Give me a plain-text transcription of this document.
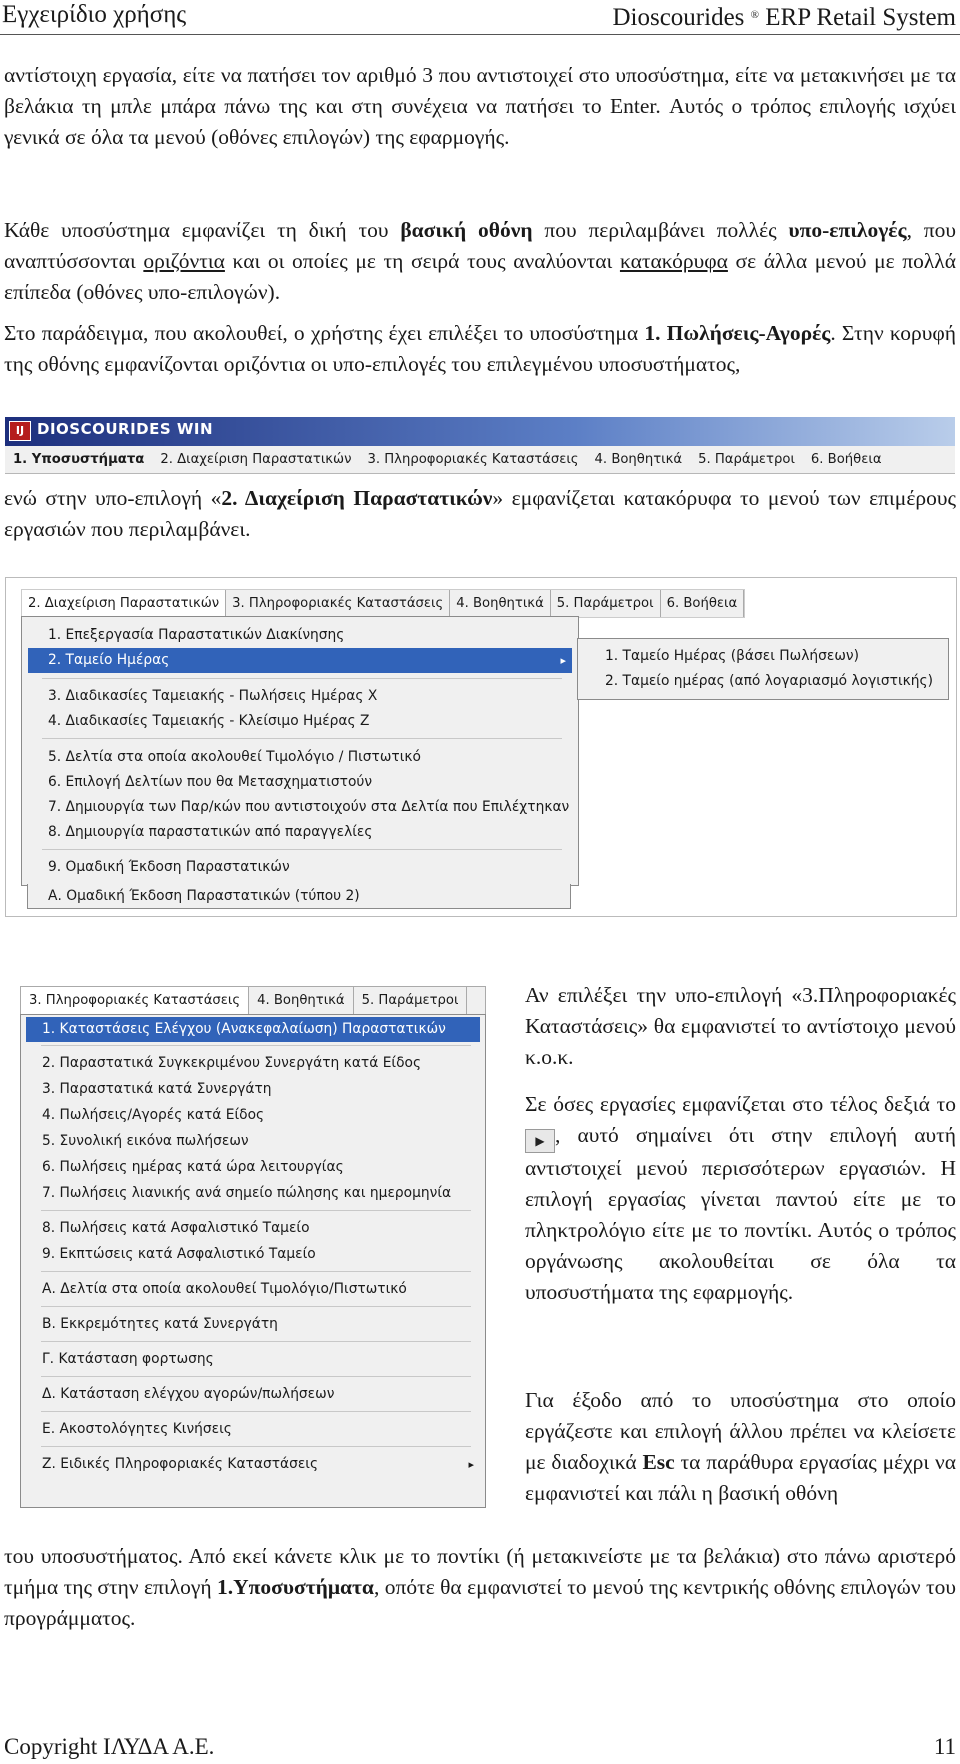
Εγχειρίδιο χρήσης	Dioscourides ® ERP Retail System

αντίστοιχη εργασία, είτε να πατήσει τον αριθμό 3 που αντιστοιχεί στο υποσύστημα, είτε να μετακινήσει με τα βελάκια τη μπλε μπάρα πάνω της και στη συνέχεια να πατήσει το Enter. Αυτός ο τρόπος επιλογής ισχύει γενικά σε όλα τα μενού (οθόνες επιλογών) της εφαρμογής.

Κάθε υποσύστημα εμφανίζει τη δική του βασική οθόνη που περιλαμβάνει πολλές υπο-επιλογές, που αναπτύσσονται οριζόντια και οι οποίες με τη σειρά τους αναλύονται κατακόρυφα σε άλλα μενού με πολλά επίπεδα (οθόνες υπο-επιλογών).

Στο παράδειγμα, που ακολουθεί, ο χρήστης έχει επιλέξει το υποσύστημα 1. Πωλήσεις-Αγορές. Στην κορυφή της οθόνης εμφανίζονται οριζόντια οι υπο-επιλογές του επιλεγμένου υποσυστήματος,

IJ DIOSCOURIDES WIN
1. Υποσυστήματα	2. Διαχείριση Παραστατικών	3. Πληροφοριακές Καταστάσεις	4. Βοηθητικά	5. Παράμετροι	6. Βοήθεια

ενώ στην υπο-επιλογή «2. Διαχείριση Παραστατικών» εμφανίζεται κατακόρυφα το μενού των επιμέρους εργασιών που περιλαμβάνει.

2. Διαχείριση Παραστατικών 3. Πληροφοριακές Καταστάσεις 4. Βοηθητικά 5. Παράμετροι 6. Βοήθεια
1. Επεξεργασία Παραστατικών Διακίνησης
2. Ταμείο Ημέρας	▸
3. Διαδικασίες Ταμειακής - Πωλήσεις Ημέρας Χ
4. Διαδικασίες Ταμειακής - Κλείσιμο Ημέρας Ζ
5. Δελτία στα οποία ακολουθεί Τιμολόγιο / Πιστωτικό
6. Επιλογή Δελτίων που θα Μετασχηματιστούν
7. Δημιουργία των Παρ/κών που αντιστοιχούν στα Δελτία που Επιλέχτηκαν
8. Δημιουργία παραστατικών από παραγγελίες
9. Ομαδική Έκδοση Παραστατικών
Α. Ομαδική Έκδοση Παραστατικών (τύπου 2)
1. Ταμείο Ημέρας (βάσει Πωλήσεων)
2. Ταμείο ημέρας (από λογαριασμό λογιστικής)
3. Πληροφοριακές Καταστάσεις	4. Βοηθητικά	5. Παράμετροι
1. Καταστάσεις Ελέγχου (Ανακεφαλαίωση) Παραστατικών
2. Παραστατικά Συγκεκριμένου Συνεργάτη κατά Είδος
3. Παραστατικά κατά Συνεργάτη
4. Πωλήσεις/Αγορές κατά Είδος
5. Συνολική εικόνα πωλήσεων
6. Πωλήσεις ημέρας κατά ώρα λειτουργίας
7. Πωλήσεις λιανικής ανά σημείο πώλησης και ημερομηνία
8. Πωλήσεις κατά Ασφαλιστικό Ταμείο
9. Εκπτώσεις κατά Ασφαλιστικό Ταμείο
Α. Δελτία στα οποία ακολουθεί Τιμολόγιο/Πιστωτικό
Β. Εκκρεμότητες κατά Συνεργάτη
Γ. Κατάσταση φορτωσης
Δ. Κατάσταση ελέγχου αγορών/πωλήσεων
Ε. Ακοστολόγητες Κινήσεις
Ζ. Ειδικές Πληροφοριακές Καταστάσεις	▸

Αν επιλέξει την υπο-επιλογή «3.Πληροφοριακές Καταστάσεις» θα εμφανιστεί το αντίστοιχο μενού κ.ο.κ.

Σε όσες εργασίες εμφανίζεται στο τέλος δεξιά το ▶ , αυτό σημαίνει ότι στην επιλογή αυτή αντιστοιχεί μενού περισσότερων εργασιών. Η επιλογή εργασίας γίνεται παντού είτε με το πληκτρολόγιο είτε με το ποντίκι. Αυτός ο τρόπος οργάνωσης ακολουθείται σε όλα τα υποσυστήματα της εφαρμογής.

Για έξοδο από το υποσύστημα στο οποίο εργάζεστε και επιλογή άλλου πρέπει να κλείσετε με διαδοχικά Esc τα παράθυρα εργασίας μέχρι να εμφανιστεί και πάλι η βασική οθόνη

του υποσυστήματος. Από εκεί κάνετε κλικ με το ποντίκι (ή μετακινείστε με τα βελάκια) στο πάνω αριστερό τμήμα της στην επιλογή 1.Υποσυστήματα, οπότε θα εμφανιστεί το μενού της κεντρικής οθόνης επιλογών του προγράμματος.

Copyright ΙΛΥΔΑ Α.Ε.	11
